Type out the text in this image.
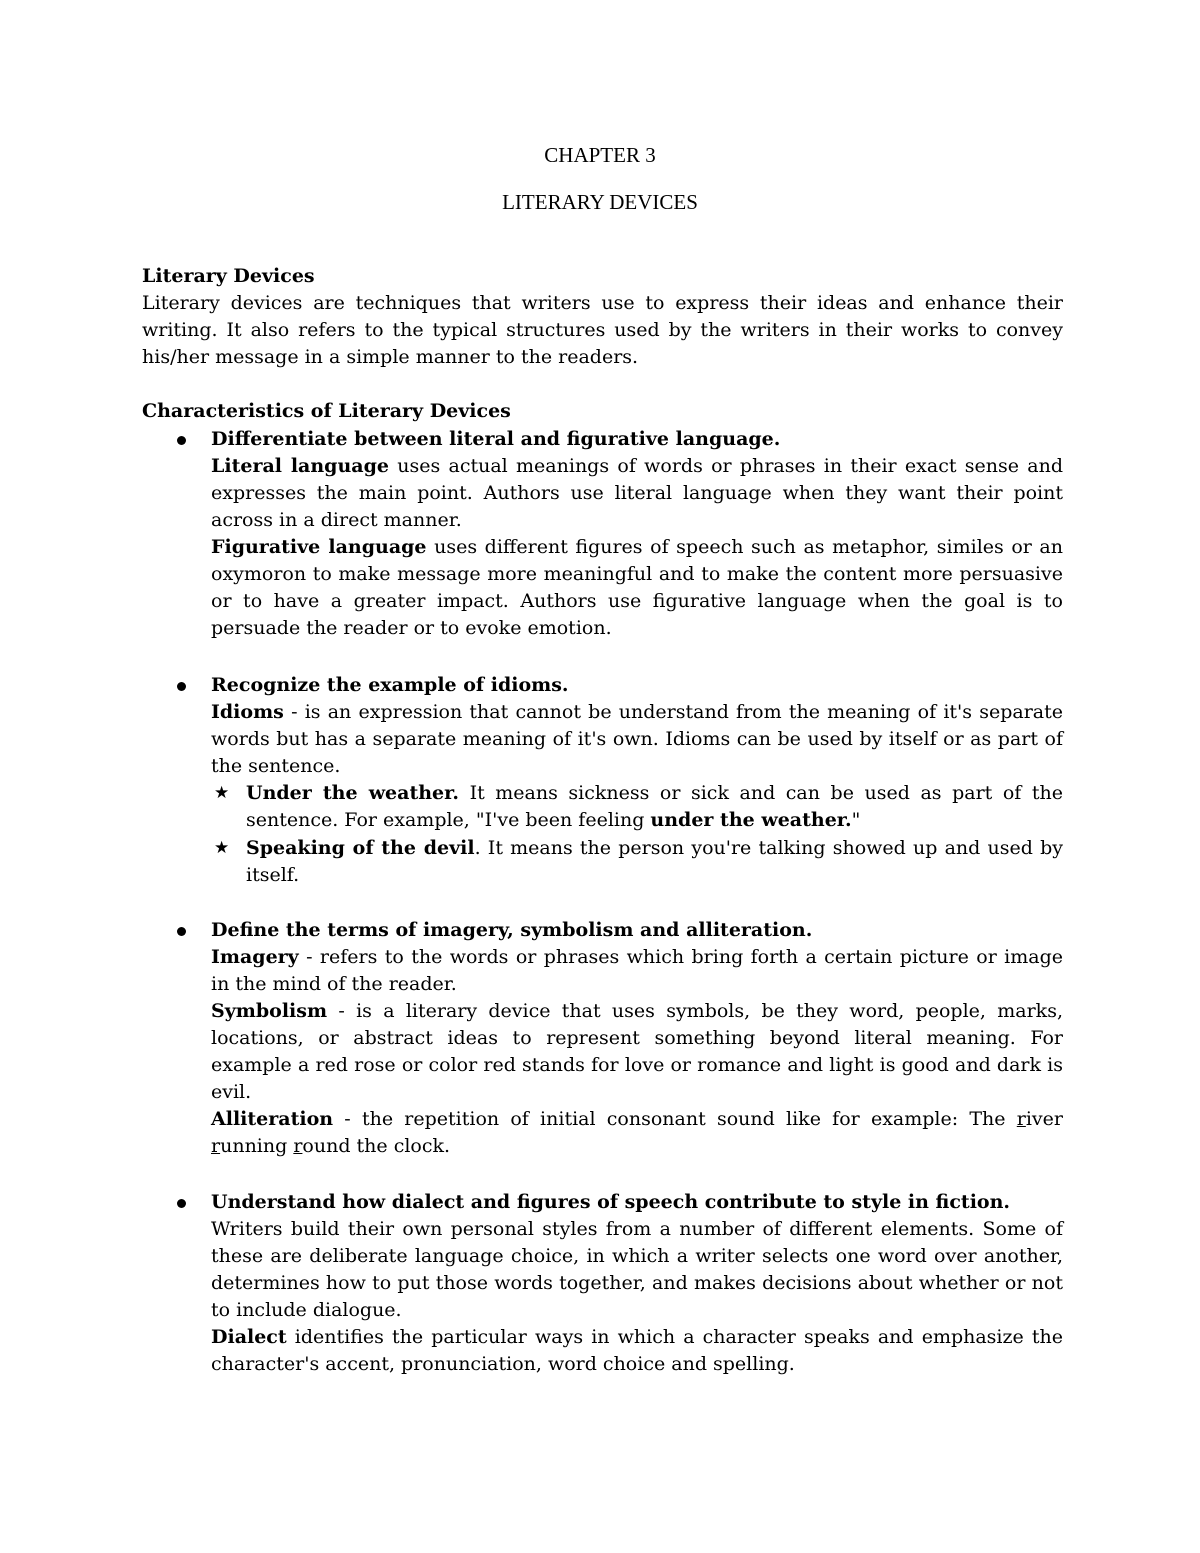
CHAPTER 3
LITERARY DEVICES

Literary Devices

Literary devices are techniques that writers use to express their ideas and enhance their writing. It also refers to the typical structures used by the writers in their works to convey his/her message in a simple manner to the readers.

Characteristics of Literary Devices

Differentiate between literal and figurative language.

Literal language uses actual meanings of words or phrases in their exact sense and expresses the main point. Authors use literal language when they want their point across in a direct manner.

Figurative language uses different figures of speech such as metaphor, similes or an oxymoron to make message more meaningful and to make the content more persuasive or to have a greater impact. Authors use figurative language when the goal is to persuade the reader or to evoke emotion.

Recognize the example of idioms.

Idioms - is an expression that cannot be understand from the meaning of it's separate words but has a separate meaning of it's own. Idioms can be used by itself or as part of the sentence.

★ Under the weather. It means sickness or sick and can be used as part of the sentence. For example, "I've been feeling under the weather."

★ Speaking of the devil. It means the person you're talking showed up and used by itself.

Define the terms of imagery, symbolism and alliteration.

Imagery - refers to the words or phrases which bring forth a certain picture or image in the mind of the reader.

Symbolism - is a literary device that uses symbols, be they word, people, marks, locations, or abstract ideas to represent something beyond literal meaning. For example a red rose or color red stands for love or romance and light is good and dark is evil.

Alliteration - the repetition of initial consonant sound like for example: The river running round the clock.

Understand how dialect and figures of speech contribute to style in fiction.

Writers build their own personal styles from a number of different elements. Some of these are deliberate language choice, in which a writer selects one word over another, determines how to put those words together, and makes decisions about whether or not to include dialogue.

Dialect identifies the particular ways in which a character speaks and emphasize the character's accent, pronunciation, word choice and spelling.
